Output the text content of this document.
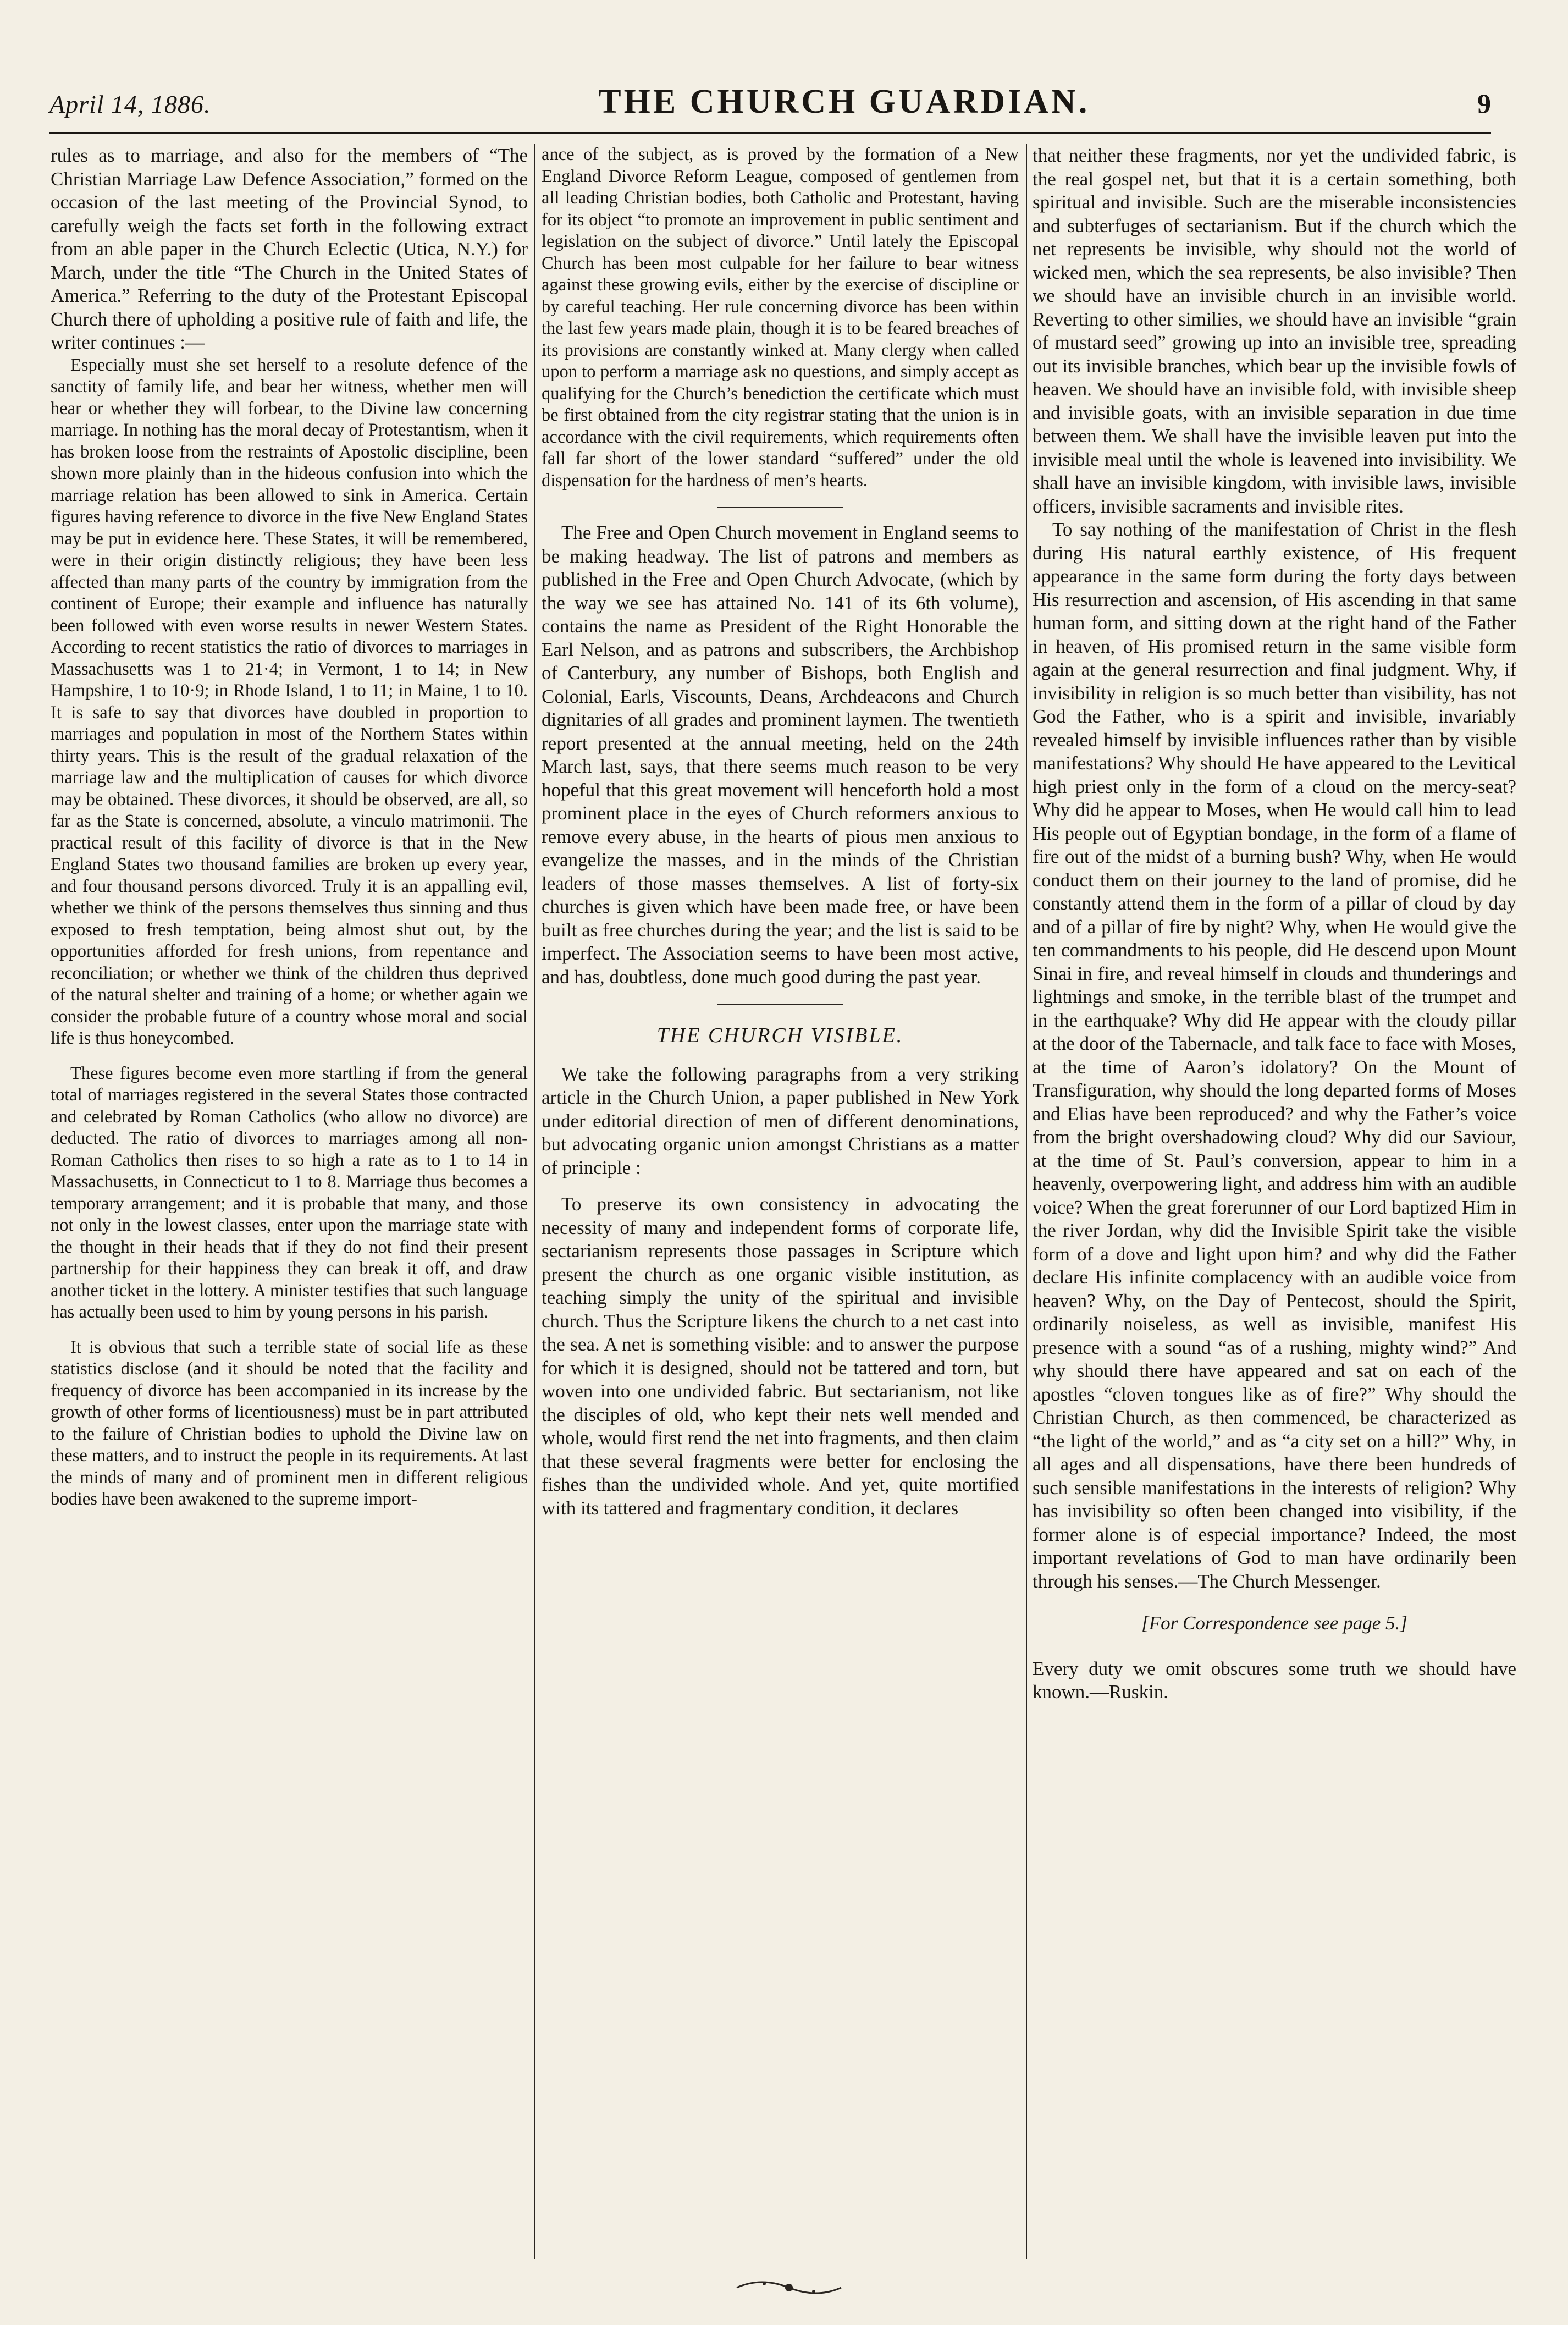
April 14, 1886.	THE CHURCH GUARDIAN.	9

rules as to marriage, and also for the members of “The Christian Marriage Law Defence Association,” formed on the occasion of the last meeting of the Provincial Synod, to carefully weigh the facts set forth in the following extract from an able paper in the Church Eclectic (Utica, N.Y.) for March, under the title “The Church in the United States of America.” Referring to the duty of the Protestant Episcopal Church there of upholding a positive rule of faith and life, the writer continues :—

Especially must she set herself to a resolute defence of the sanctity of family life, and bear her witness, whether men will hear or whether they will forbear, to the Divine law concerning marriage. In nothing has the moral decay of Protestantism, when it has broken loose from the restraints of Apostolic discipline, been shown more plainly than in the hideous confusion into which the marriage relation has been allowed to sink in America. Certain figures having reference to divorce in the five New England States may be put in evidence here. These States, it will be remembered, were in their origin distinctly religious; they have been less affected than many parts of the country by immigration from the continent of Europe; their example and influence has naturally been followed with even worse results in newer Western States. According to recent statistics the ratio of divorces to marriages in Massachusetts was 1 to 21·4; in Vermont, 1 to 14; in New Hampshire, 1 to 10·9; in Rhode Island, 1 to 11; in Maine, 1 to 10. It is safe to say that divorces have doubled in proportion to marriages and population in most of the Northern States within thirty years. This is the result of the gradual relaxation of the marriage law and the multiplication of causes for which divorce may be obtained. These divorces, it should be observed, are all, so far as the State is concerned, absolute, a vinculo matrimonii. The practical result of this facility of divorce is that in the New England States two thousand families are broken up every year, and four thousand persons divorced. Truly it is an appalling evil, whether we think of the persons themselves thus sinning and thus exposed to fresh temptation, being almost shut out, by the opportunities afforded for fresh unions, from repentance and reconciliation; or whether we think of the children thus deprived of the natural shelter and training of a home; or whether again we consider the probable future of a country whose moral and social life is thus honeycombed.

These figures become even more startling if from the general total of marriages registered in the several States those contracted and celebrated by Roman Catholics (who allow no divorce) are deducted. The ratio of divorces to marriages among all non-Roman Catholics then rises to so high a rate as to 1 to 14 in Massachusetts, in Connecticut to 1 to 8. Marriage thus becomes a temporary arrangement; and it is probable that many, and those not only in the lowest classes, enter upon the marriage state with the thought in their heads that if they do not find their present partnership for their happiness they can break it off, and draw another ticket in the lottery. A minister testifies that such language has actually been used to him by young persons in his parish.

It is obvious that such a terrible state of social life as these statistics disclose (and it should be noted that the facility and frequency of divorce has been accompanied in its increase by the growth of other forms of licentiousness) must be in part attributed to the failure of Christian bodies to uphold the Divine law on these matters, and to instruct the people in its requirements. At last the minds of many and of prominent men in different religious bodies have been awakened to the supreme import-

ance of the subject, as is proved by the formation of a New England Divorce Reform League, composed of gentlemen from all leading Christian bodies, both Catholic and Protestant, having for its object “to promote an improvement in public sentiment and legislation on the subject of divorce.” Until lately the Episcopal Church has been most culpable for her failure to bear witness against these growing evils, either by the exercise of discipline or by careful teaching. Her rule concerning divorce has been within the last few years made plain, though it is to be feared breaches of its provisions are constantly winked at. Many clergy when called upon to perform a marriage ask no questions, and simply accept as qualifying for the Church’s benediction the certificate which must be first obtained from the city registrar stating that the union is in accordance with the civil requirements, which requirements often fall far short of the lower standard “suffered” under the old dispensation for the hardness of men’s hearts.

The Free and Open Church movement in England seems to be making headway. The list of patrons and members as published in the Free and Open Church Advocate, (which by the way we see has attained No. 141 of its 6th volume), contains the name as President of the Right Honorable the Earl Nelson, and as patrons and subscribers, the Archbishop of Canterbury, any number of Bishops, both English and Colonial, Earls, Viscounts, Deans, Archdeacons and Church dignitaries of all grades and prominent laymen. The twentieth report presented at the annual meeting, held on the 24th March last, says, that there seems much reason to be very hopeful that this great movement will henceforth hold a most prominent place in the eyes of Church reformers anxious to remove every abuse, in the hearts of pious men anxious to evangelize the masses, and in the minds of the Christian leaders of those masses themselves. A list of forty-six churches is given which have been made free, or have been built as free churches during the year; and the list is said to be imperfect. The Association seems to have been most active, and has, doubtless, done much good during the past year.

THE CHURCH VISIBLE.

We take the following paragraphs from a very striking article in the Church Union, a paper published in New York under editorial direction of men of different denominations, but advocating organic union amongst Christians as a matter of principle :

To preserve its own consistency in advocating the necessity of many and independent forms of corporate life, sectarianism represents those passages in Scripture which present the church as one organic visible institution, as teaching simply the unity of the spiritual and invisible church. Thus the Scripture likens the church to a net cast into the sea. A net is something visible: and to answer the purpose for which it is designed, should not be tattered and torn, but woven into one undivided fabric. But sectarianism, not like the disciples of old, who kept their nets well mended and whole, would first rend the net into fragments, and then claim that these several fragments were better for enclosing the fishes than the undivided whole. And yet, quite mortified with its tattered and fragmentary condition, it declares

that neither these fragments, nor yet the undivided fabric, is the real gospel net, but that it is a certain something, both spiritual and invisible. Such are the miserable inconsistencies and subterfuges of sectarianism. But if the church which the net represents be invisible, why should not the world of wicked men, which the sea represents, be also invisible? Then we should have an invisible church in an invisible world. Reverting to other similies, we should have an invisible “grain of mustard seed” growing up into an invisible tree, spreading out its invisible branches, which bear up the invisible fowls of heaven. We should have an invisible fold, with invisible sheep and invisible goats, with an invisible separation in due time between them. We shall have the invisible leaven put into the invisible meal until the whole is leavened into invisibility. We shall have an invisible kingdom, with invisible laws, invisible officers, invisible sacraments and invisible rites.

To say nothing of the manifestation of Christ in the flesh during His natural earthly existence, of His frequent appearance in the same form during the forty days between His resurrection and ascension, of His ascending in that same human form, and sitting down at the right hand of the Father in heaven, of His promised return in the same visible form again at the general resurrection and final judgment. Why, if invisibility in religion is so much better than visibility, has not God the Father, who is a spirit and invisible, invariably revealed himself by invisible influences rather than by visible manifestations? Why should He have appeared to the Levitical high priest only in the form of a cloud on the mercy-seat? Why did he appear to Moses, when He would call him to lead His people out of Egyptian bondage, in the form of a flame of fire out of the midst of a burning bush? Why, when He would conduct them on their journey to the land of promise, did he constantly attend them in the form of a pillar of cloud by day and of a pillar of fire by night? Why, when He would give the ten commandments to his people, did He descend upon Mount Sinai in fire, and reveal himself in clouds and thunderings and lightnings and smoke, in the terrible blast of the trumpet and in the earthquake? Why did He appear with the cloudy pillar at the door of the Tabernacle, and talk face to face with Moses, at the time of Aaron’s idolatory? On the Mount of Transfiguration, why should the long departed forms of Moses and Elias have been reproduced? and why the Father’s voice from the bright overshadowing cloud? Why did our Saviour, at the time of St. Paul’s conversion, appear to him in a heavenly, overpowering light, and address him with an audible voice? When the great forerunner of our Lord baptized Him in the river Jordan, why did the Invisible Spirit take the visible form of a dove and light upon him? and why did the Father declare His infinite complacency with an audible voice from heaven? Why, on the Day of Pentecost, should the Spirit, ordinarily noiseless, as well as invisible, manifest His presence with a sound “as of a rushing, mighty wind?” And why should there have appeared and sat on each of the apostles “cloven tongues like as of fire?” Why should the Christian Church, as then commenced, be characterized as “the light of the world,” and as “a city set on a hill?” Why, in all ages and all dispensations, have there been hundreds of such sensible manifestations in the interests of religion? Why has invisibility so often been changed into visibility, if the former alone is of especial importance? Indeed, the most important revelations of God to man have ordinarily been through his senses.—The Church Messenger.

[For Correspondence see page 5.]

Every duty we omit obscures some truth we should have known.—Ruskin.
